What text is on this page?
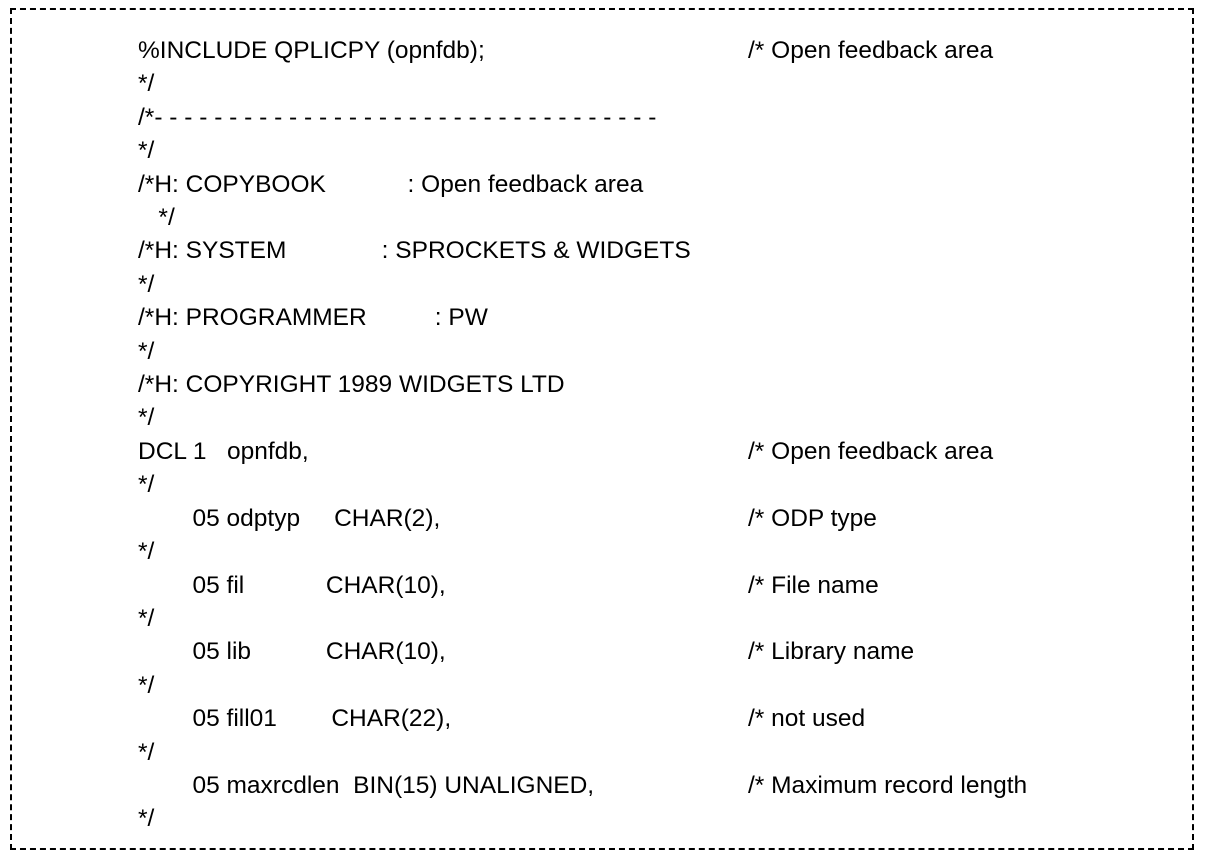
%INCLUDE QPLICPY (opnfdb);	/* Open feedback area
*/
/*- - - - - - - - - - - - - - - - - - - - - - - - - - - - - - - - - -
*/
/*H: COPYBOOK            : Open feedback area
*/
/*H: SYSTEM              : SPROCKETS & WIDGETS
*/
/*H: PROGRAMMER          : PW
*/
/*H: COPYRIGHT 1989 WIDGETS LTD
*/
DCL 1   opnfdb,	/* Open feedback area
*/
05 odptyp     CHAR(2),	/* ODP type
*/
05 fil            CHAR(10),	/* File name
*/
05 lib           CHAR(10),	/* Library name
*/
05 fill01        CHAR(22),	/* not used
*/
05 maxrcdlen  BIN(15) UNALIGNED,	/* Maximum record length
*/
